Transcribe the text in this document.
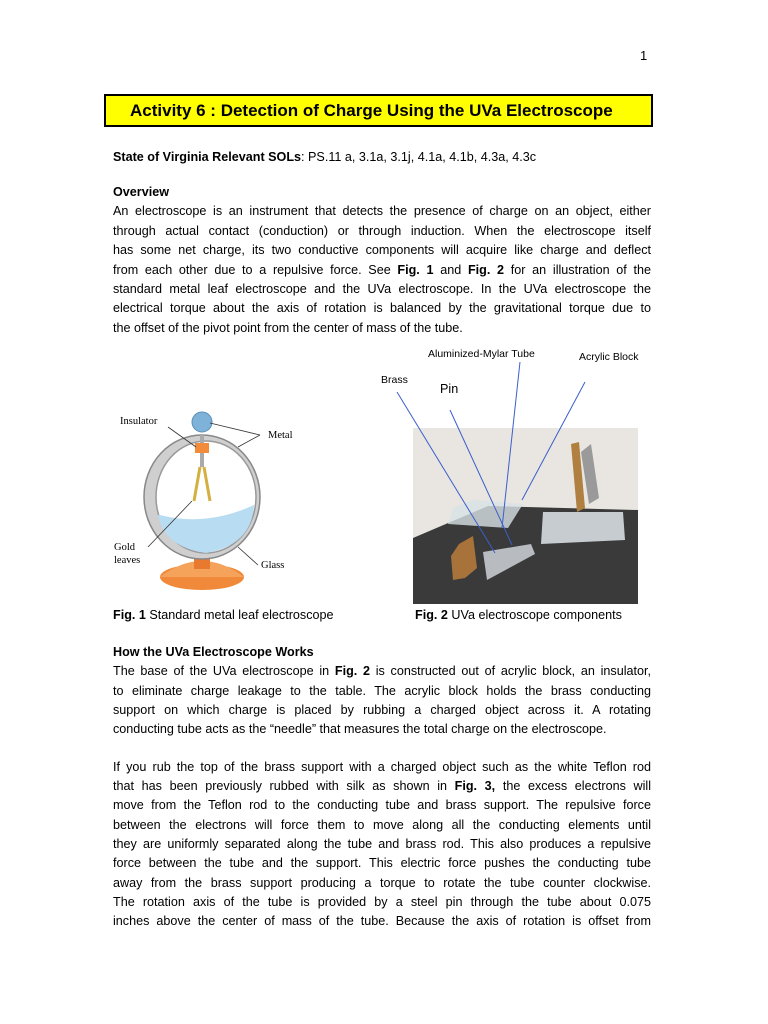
1
Activity 6 : Detection of Charge Using the UVa Electroscope
State of Virginia Relevant SOLs: PS.11 a, 3.1a, 3.1j, 4.1a, 4.1b, 4.3a, 4.3c
Overview
An electroscope is an instrument that detects the presence of charge on an object, either
through actual contact (conduction) or through induction. When the electroscope itself
has some net charge, its two conductive components will acquire like charge and deflect
from each other due to a repulsive force. See Fig. 1 and Fig. 2 for an illustration of the
standard metal leaf electroscope and the UVa electroscope. In the UVa electroscope the
electrical torque about the axis of rotation is balanced by the gravitational torque due to
the offset of the pivot point from the center of mass of the tube.
Insulator
Metal
Gold
leaves	Glass
Fig. 1 Standard metal leaf electroscope
Aluminized-Mylar Tube	Acrylic Block
Brass
Pin
Fig. 2 UVa electroscope components
How the UVa Electroscope Works
The base of the UVa electroscope in Fig. 2 is constructed out of acrylic block, an insulator,
to eliminate charge leakage to the table. The acrylic block holds the brass conducting
support on which charge is placed by rubbing a charged object across it. A rotating
conducting tube acts as the “needle” that measures the total charge on the electroscope.
If you rub the top of the brass support with a charged object such as the white Teflon rod
that has been previously rubbed with silk as shown in Fig. 3, the excess electrons will
move from the Teflon rod to the conducting tube and brass support. The repulsive force
between the electrons will force them to move along all the conducting elements until
they are uniformly separated along the tube and brass rod. This also produces a repulsive
force between the tube and the support. This electric force pushes the conducting tube
away from the brass support producing a torque to rotate the tube counter clockwise.
The rotation axis of the tube is provided by a steel pin through the tube about 0.075
inches above the center of mass of the tube. Because the axis of rotation is offset from
